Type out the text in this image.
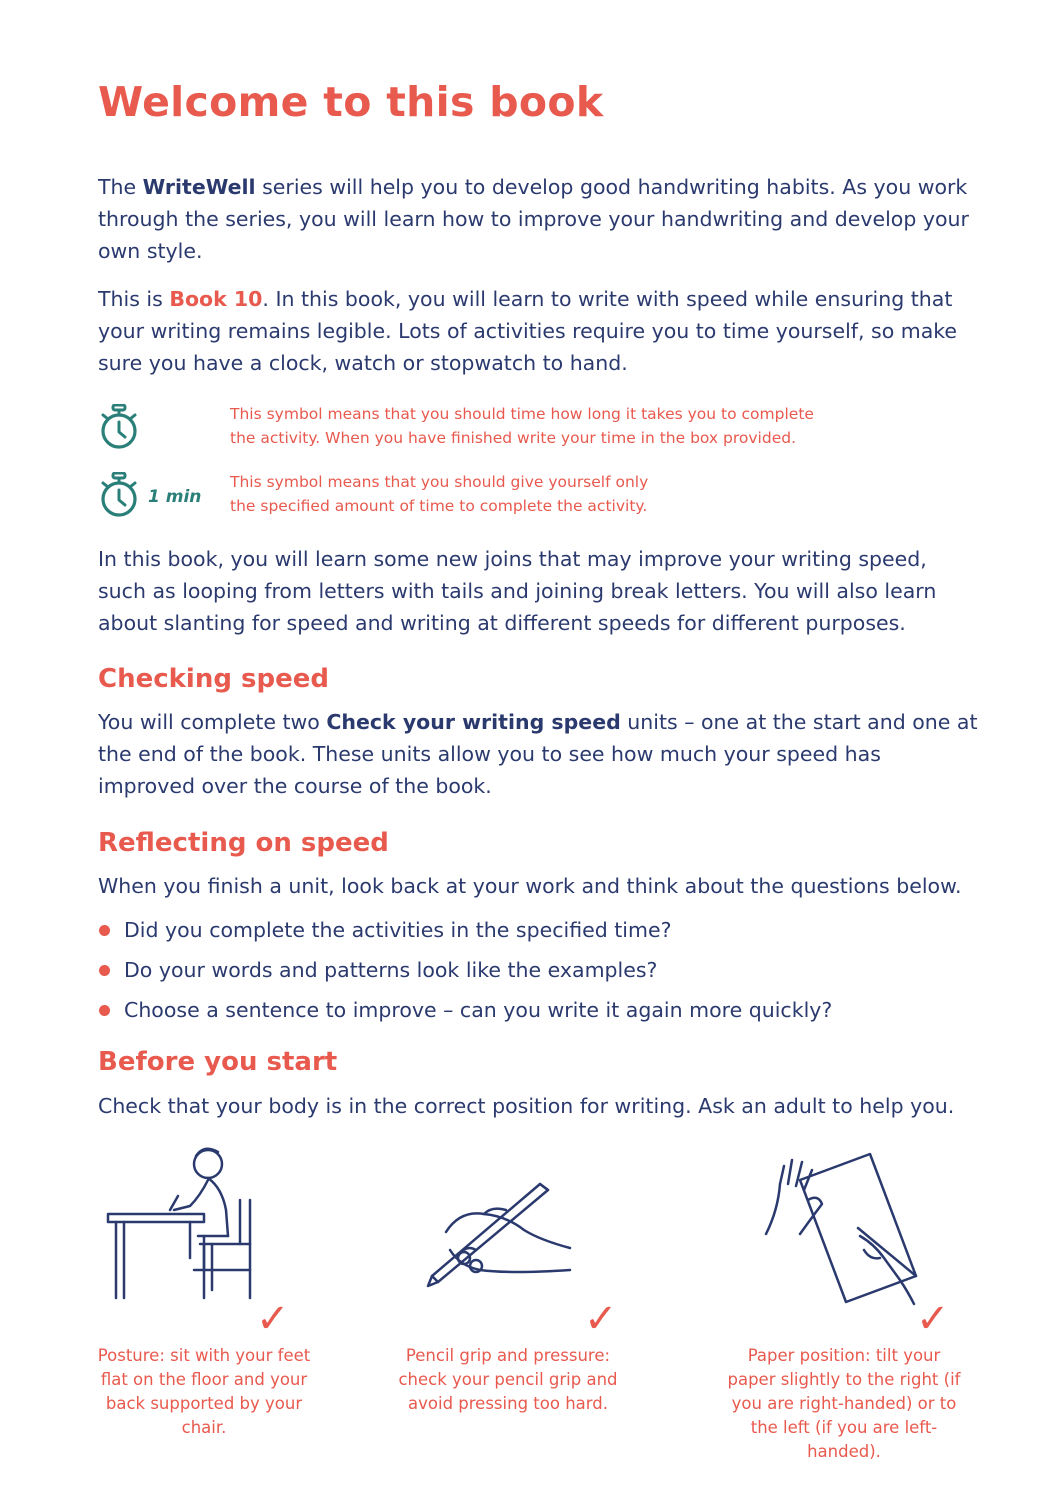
Welcome to this book

The WriteWell series will help you to develop good handwriting habits. As you work through the series, you will learn how to improve your handwriting and develop your own style.

This is Book 10. In this book, you will learn to write with speed while ensuring that your writing remains legible. Lots of activities require you to time yourself, so make sure you have a clock, watch or stopwatch to hand.

This symbol means that you should time how long it takes you to complete
the activity. When you have finished write your time in the box provided.
1 min
This symbol means that you should give yourself only
the specified amount of time to complete the activity.

In this book, you will learn some new joins that may improve your writing speed, such as looping from letters with tails and joining break letters. You will also learn about slanting for speed and writing at different speeds for different purposes.

Checking speed

You will complete two Check your writing speed units – one at the start and one at the end of the book. These units allow you to see how much your speed has improved over the course of the book.

Reflecting on speed

When you finish a unit, look back at your work and think about the questions below.

Did you complete the activities in the specified time?
Do your words and patterns look like the examples?
Choose a sentence to improve – can you write it again more quickly?
Before you start

Check that your body is in the correct position for writing. Ask an adult to help you.

✓
Posture: sit with your feet flat on the floor and your back supported by your chair.
✓
Pencil grip and pressure: check your pencil grip and avoid pressing too hard.
✓
Paper position: tilt your paper slightly to the right (if you are right-handed) or to the left (if you are left-handed).
